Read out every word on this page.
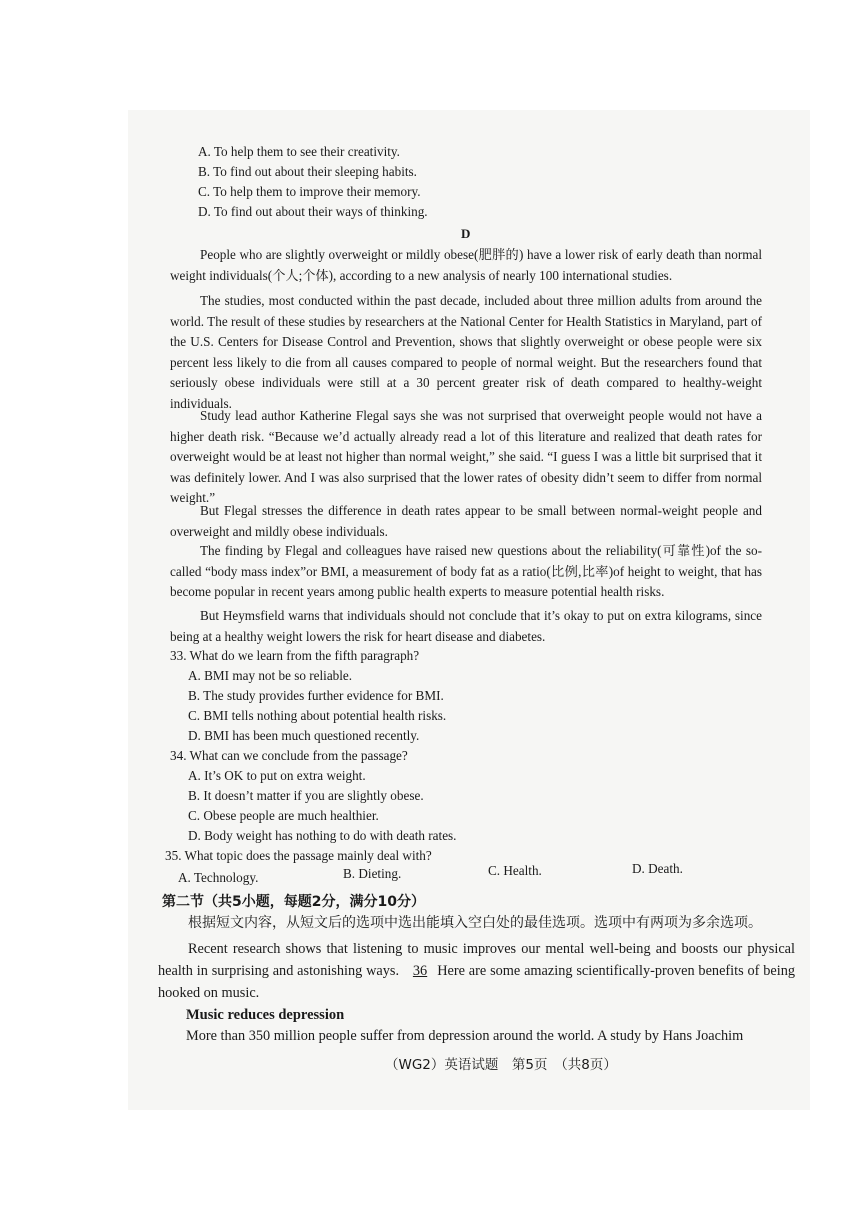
A. To help them to see their creativity.
B. To find out about their sleeping habits.
C. To help them to improve their memory.
D. To find out about their ways of thinking.
D
People who are slightly overweight or mildly obese(肥胖的) have a lower risk of early death than normal weight individuals(个人;个体), according to a new analysis of nearly 100 international studies.
The studies, most conducted within the past decade, included about three million adults from around the world. The result of these studies by researchers at the National Center for Health Statistics in Maryland, part of the U.S. Centers for Disease Control and Prevention, shows that slightly overweight or obese people were six percent less likely to die from all causes compared to people of normal weight. But the researchers found that seriously obese individuals were still at a 30 percent greater risk of death compared to healthy-weight individuals.
Study lead author Katherine Flegal says she was not surprised that overweight people would not have a higher death risk. “Because we’d actually already read a lot of this literature and realized that death rates for overweight would be at least not higher than normal weight,” she said. “I guess I was a little bit surprised that it was definitely lower. And I was also surprised that the lower rates of obesity didn’t seem to differ from normal weight.”
But Flegal stresses the difference in death rates appear to be small between normal-weight people and overweight and mildly obese individuals.
The finding by Flegal and colleagues have raised new questions about the reliability(可靠性)of the so-called “body mass index”or BMI, a measurement of body fat as a ratio(比例,比率)of height to weight, that has become popular in recent years among public health experts to measure potential health risks.
But Heymsfield warns that individuals should not conclude that it’s okay to put on extra kilograms, since being at a healthy weight lowers the risk for heart disease and diabetes.
33. What do we learn from the fifth paragraph?
A. BMI may not be so reliable.
B. The study provides further evidence for BMI.
C. BMI tells nothing about potential health risks.
D. BMI has been much questioned recently.
34. What can we conclude from the passage?
A. It’s OK to put on extra weight.
B. It doesn’t matter if you are slightly obese.
C. Obese people are much healthier.
D. Body weight has nothing to do with death rates.
35. What topic does the passage mainly deal with?
A. Technology.	B. Dieting.	C. Health.	D. Death.
第二节（共5小题，每题2分，满分10分）
根据短文内容，从短文后的选项中选出能填入空白处的最佳选项。选项中有两项为多余选项。
Recent research shows that listening to music improves our mental well-being and boosts our physical health in surprising and astonishing ways. 36 Here are some amazing scientifically-proven benefits of being hooked on music.
Music reduces depression
More than 350 million people suffer from depression around the world. A study by Hans Joachim
（WG2）英语试题　第5页　（共8页）
